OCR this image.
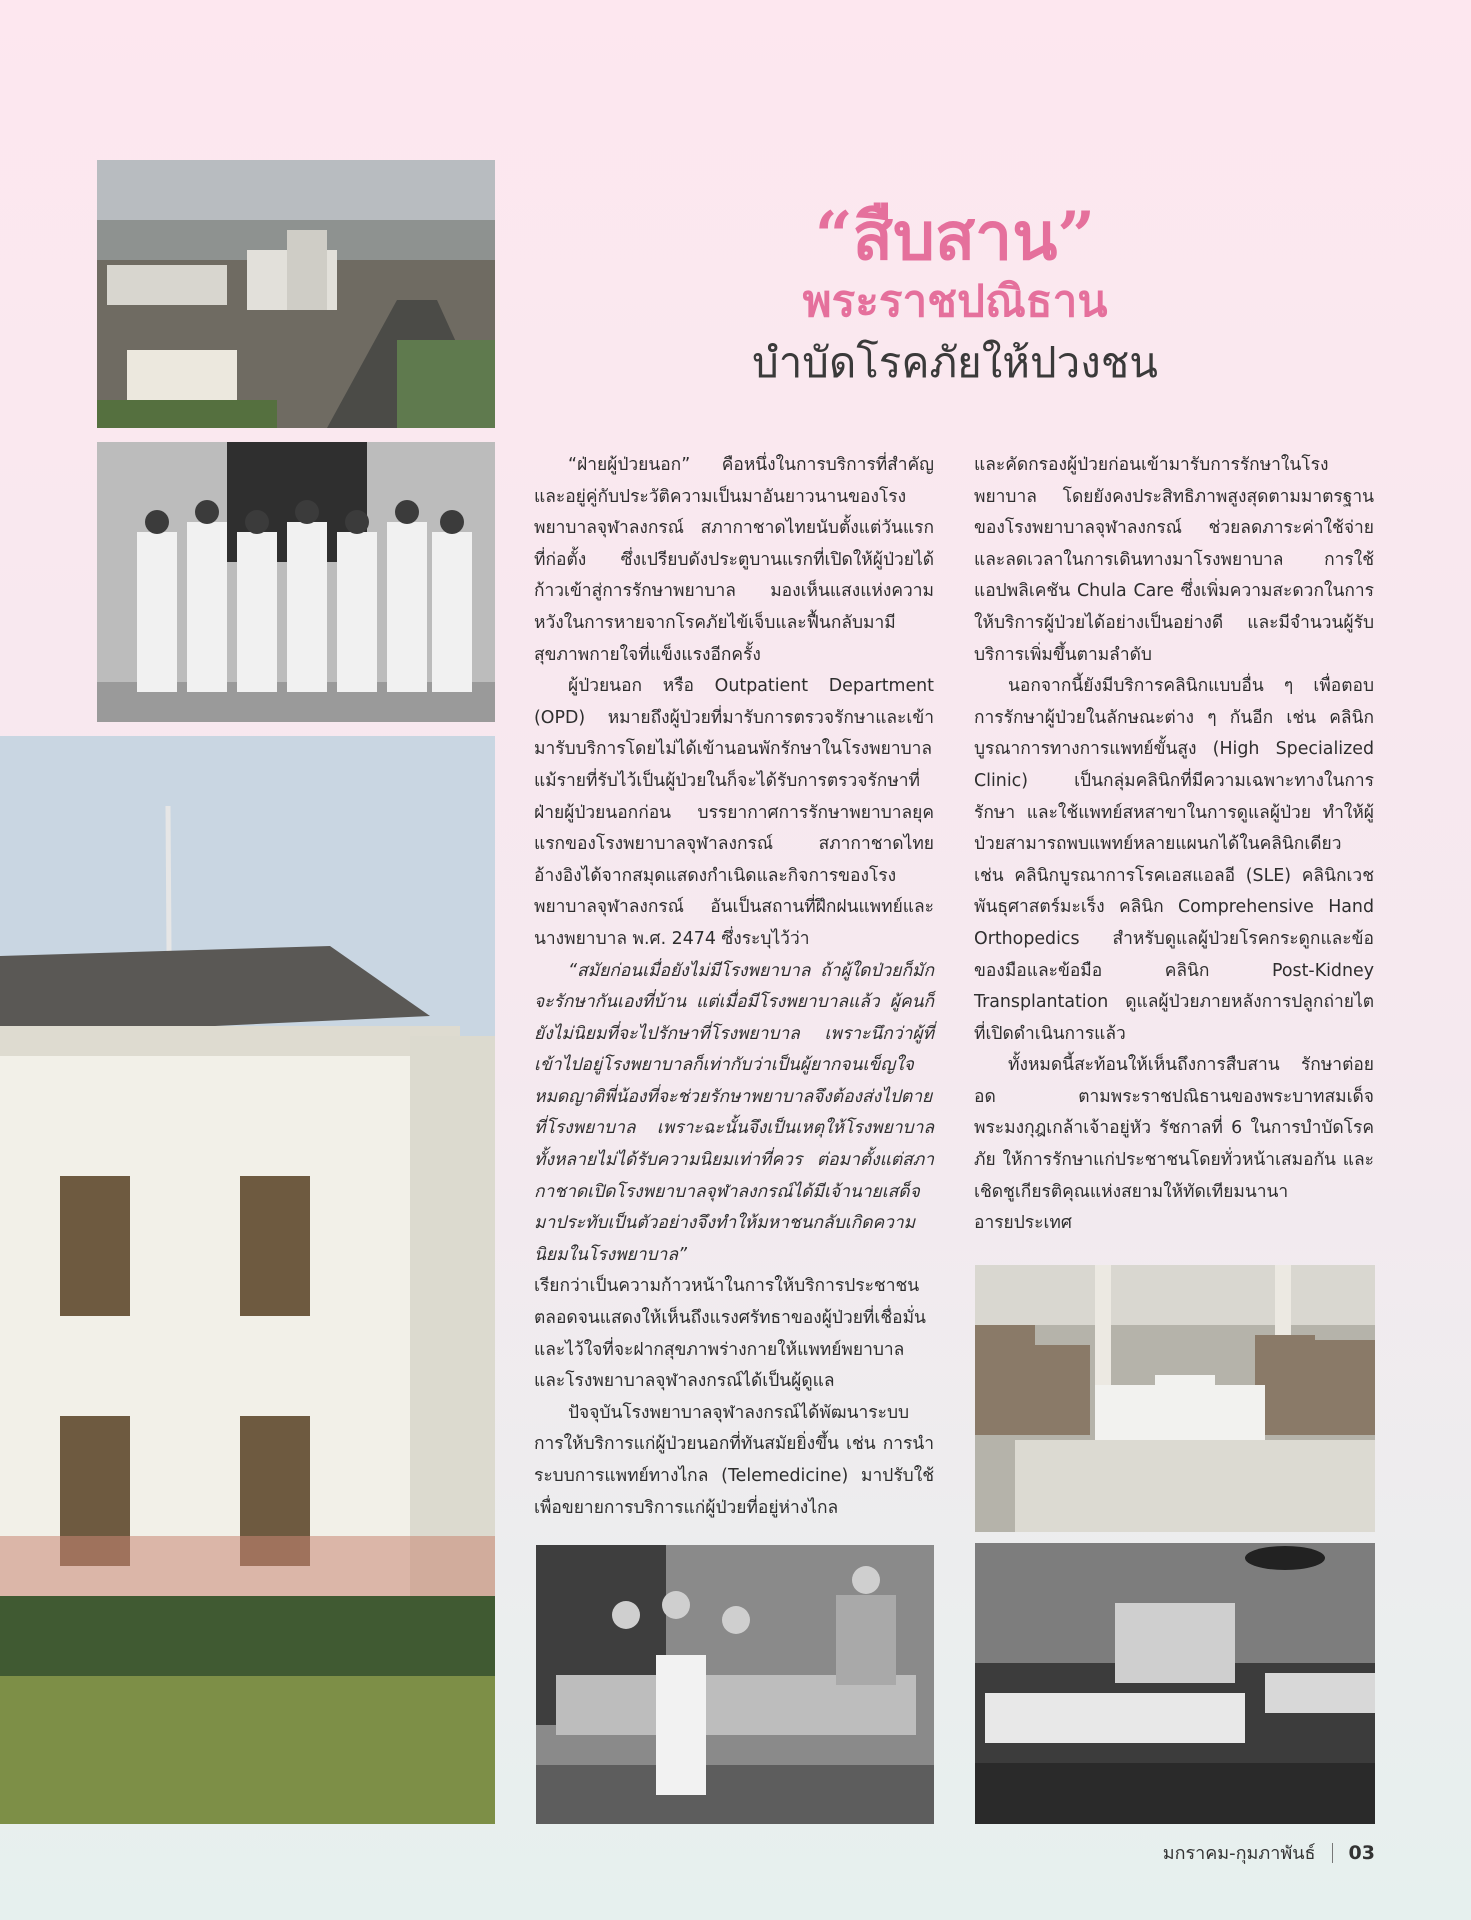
“สืบสาน”
พระราชปณิธาน
บำบัดโรคภัยให้ปวงชน

“ฝ่ายผู้ป่วยนอก” คือหนึ่งในการบริการที่สำคัญและอยู่คู่กับประวัติความเป็นมาอันยาวนานของโรงพยาบาลจุฬาลงกรณ์ สภากาชาดไทยนับตั้งแต่วันแรกที่ก่อตั้ง ซึ่งเปรียบดังประตูบานแรกที่เปิดให้ผู้ป่วยได้ก้าวเข้าสู่การรักษาพยาบาล มองเห็นแสงแห่งความหวังในการหายจากโรคภัยไข้เจ็บและฟื้นกลับมามีสุขภาพกายใจที่แข็งแรงอีกครั้ง

ผู้ป่วยนอก หรือ Outpatient Department (OPD) หมายถึงผู้ป่วยที่มารับการตรวจรักษาและเข้ามารับบริการโดยไม่ได้เข้านอนพักรักษาในโรงพยาบาล แม้รายที่รับไว้เป็นผู้ป่วยในก็จะได้รับการตรวจรักษาที่ฝ่ายผู้ป่วยนอกก่อน บรรยากาศการรักษาพยาบาลยุคแรกของโรงพยาบาลจุฬาลงกรณ์ สภากาชาดไทยอ้างอิงได้จากสมุดแสดงกำเนิดและกิจการของโรงพยาบาลจุฬาลงกรณ์ อันเป็นสถานที่ฝึกฝนแพทย์และนางพยาบาล พ.ศ. 2474 ซึ่งระบุไว้ว่า

“สมัยก่อนเมื่อยังไม่มีโรงพยาบาล ถ้าผู้ใดป่วยก็มักจะรักษากันเองที่บ้าน แต่เมื่อมีโรงพยาบาลแล้ว ผู้คนก็ยังไม่นิยมที่จะไปรักษาที่โรงพยาบาล เพราะนึกว่าผู้ที่เข้าไปอยู่โรงพยาบาลก็เท่ากับว่าเป็นผู้ยากจนเข็ญใจ หมดญาติพี่น้องที่จะช่วยรักษาพยาบาลจึงต้องส่งไปตายที่โรงพยาบาล เพราะฉะนั้นจึงเป็นเหตุให้โรงพยาบาลทั้งหลายไม่ได้รับความนิยมเท่าที่ควร ต่อมาตั้งแต่สภากาชาดเปิดโรงพยาบาลจุฬาลงกรณ์ได้มีเจ้านายเสด็จมาประทับเป็นตัวอย่างจึงทำให้มหาชนกลับเกิดความนิยมในโรงพยาบาล”

เรียกว่าเป็นความก้าวหน้าในการให้บริการประชาชนตลอดจนแสดงให้เห็นถึงแรงศรัทธาของผู้ป่วยที่เชื่อมั่นและไว้ใจที่จะฝากสุขภาพร่างกายให้แพทย์พยาบาล และโรงพยาบาลจุฬาลงกรณ์ได้เป็นผู้ดูแล

ปัจจุบันโรงพยาบาลจุฬาลงกรณ์ได้พัฒนาระบบการให้บริการแก่ผู้ป่วยนอกที่ทันสมัยยิ่งขึ้น เช่น การนำระบบการแพทย์ทางไกล (Telemedicine) มาปรับใช้เพื่อขยายการบริการแก่ผู้ป่วยที่อยู่ห่างไกล

และคัดกรองผู้ป่วยก่อนเข้ามารับการรักษาในโรงพยาบาล โดยยังคงประสิทธิภาพสูงสุดตามมาตรฐานของโรงพยาบาลจุฬาลงกรณ์ ช่วยลดภาระค่าใช้จ่ายและลดเวลาในการเดินทางมาโรงพยาบาล การใช้แอปพลิเคชัน Chula Care ซึ่งเพิ่มความสะดวกในการให้บริการผู้ป่วยได้อย่างเป็นอย่างดี และมีจำนวนผู้รับบริการเพิ่มขึ้นตามลำดับ

นอกจากนี้ยังมีบริการคลินิกแบบอื่น ๆ เพื่อตอบการรักษาผู้ป่วยในลักษณะต่าง ๆ กันอีก เช่น คลินิกบูรณาการทางการแพทย์ขั้นสูง (High Specialized Clinic) เป็นกลุ่มคลินิกที่มีความเฉพาะทางในการรักษา และใช้แพทย์สหสาขาในการดูแลผู้ป่วย ทำให้ผู้ป่วยสามารถพบแพทย์หลายแผนกได้ในคลินิกเดียว เช่น คลินิกบูรณาการโรคเอสแอลอี (SLE) คลินิกเวชพันธุศาสตร์มะเร็ง คลินิก Comprehensive Hand Orthopedics สำหรับดูแลผู้ป่วยโรคกระดูกและข้อของมือและข้อมือ คลินิก Post-Kidney Transplantation ดูแลผู้ป่วยภายหลังการปลูกถ่ายไตที่เปิดดำเนินการแล้ว

ทั้งหมดนี้สะท้อนให้เห็นถึงการสืบสาน รักษาต่อยอด ตามพระราชปณิธานของพระบาทสมเด็จพระมงกุฎเกล้าเจ้าอยู่หัว รัชกาลที่ 6 ในการบำบัดโรคภัย ให้การรักษาแก่ประชาชนโดยทั่วหน้าเสมอกัน และเชิดชูเกียรติคุณแห่งสยามให้ทัดเทียมนานาอารยประเทศ

มกราคม-กุมภาพันธ์ 03
